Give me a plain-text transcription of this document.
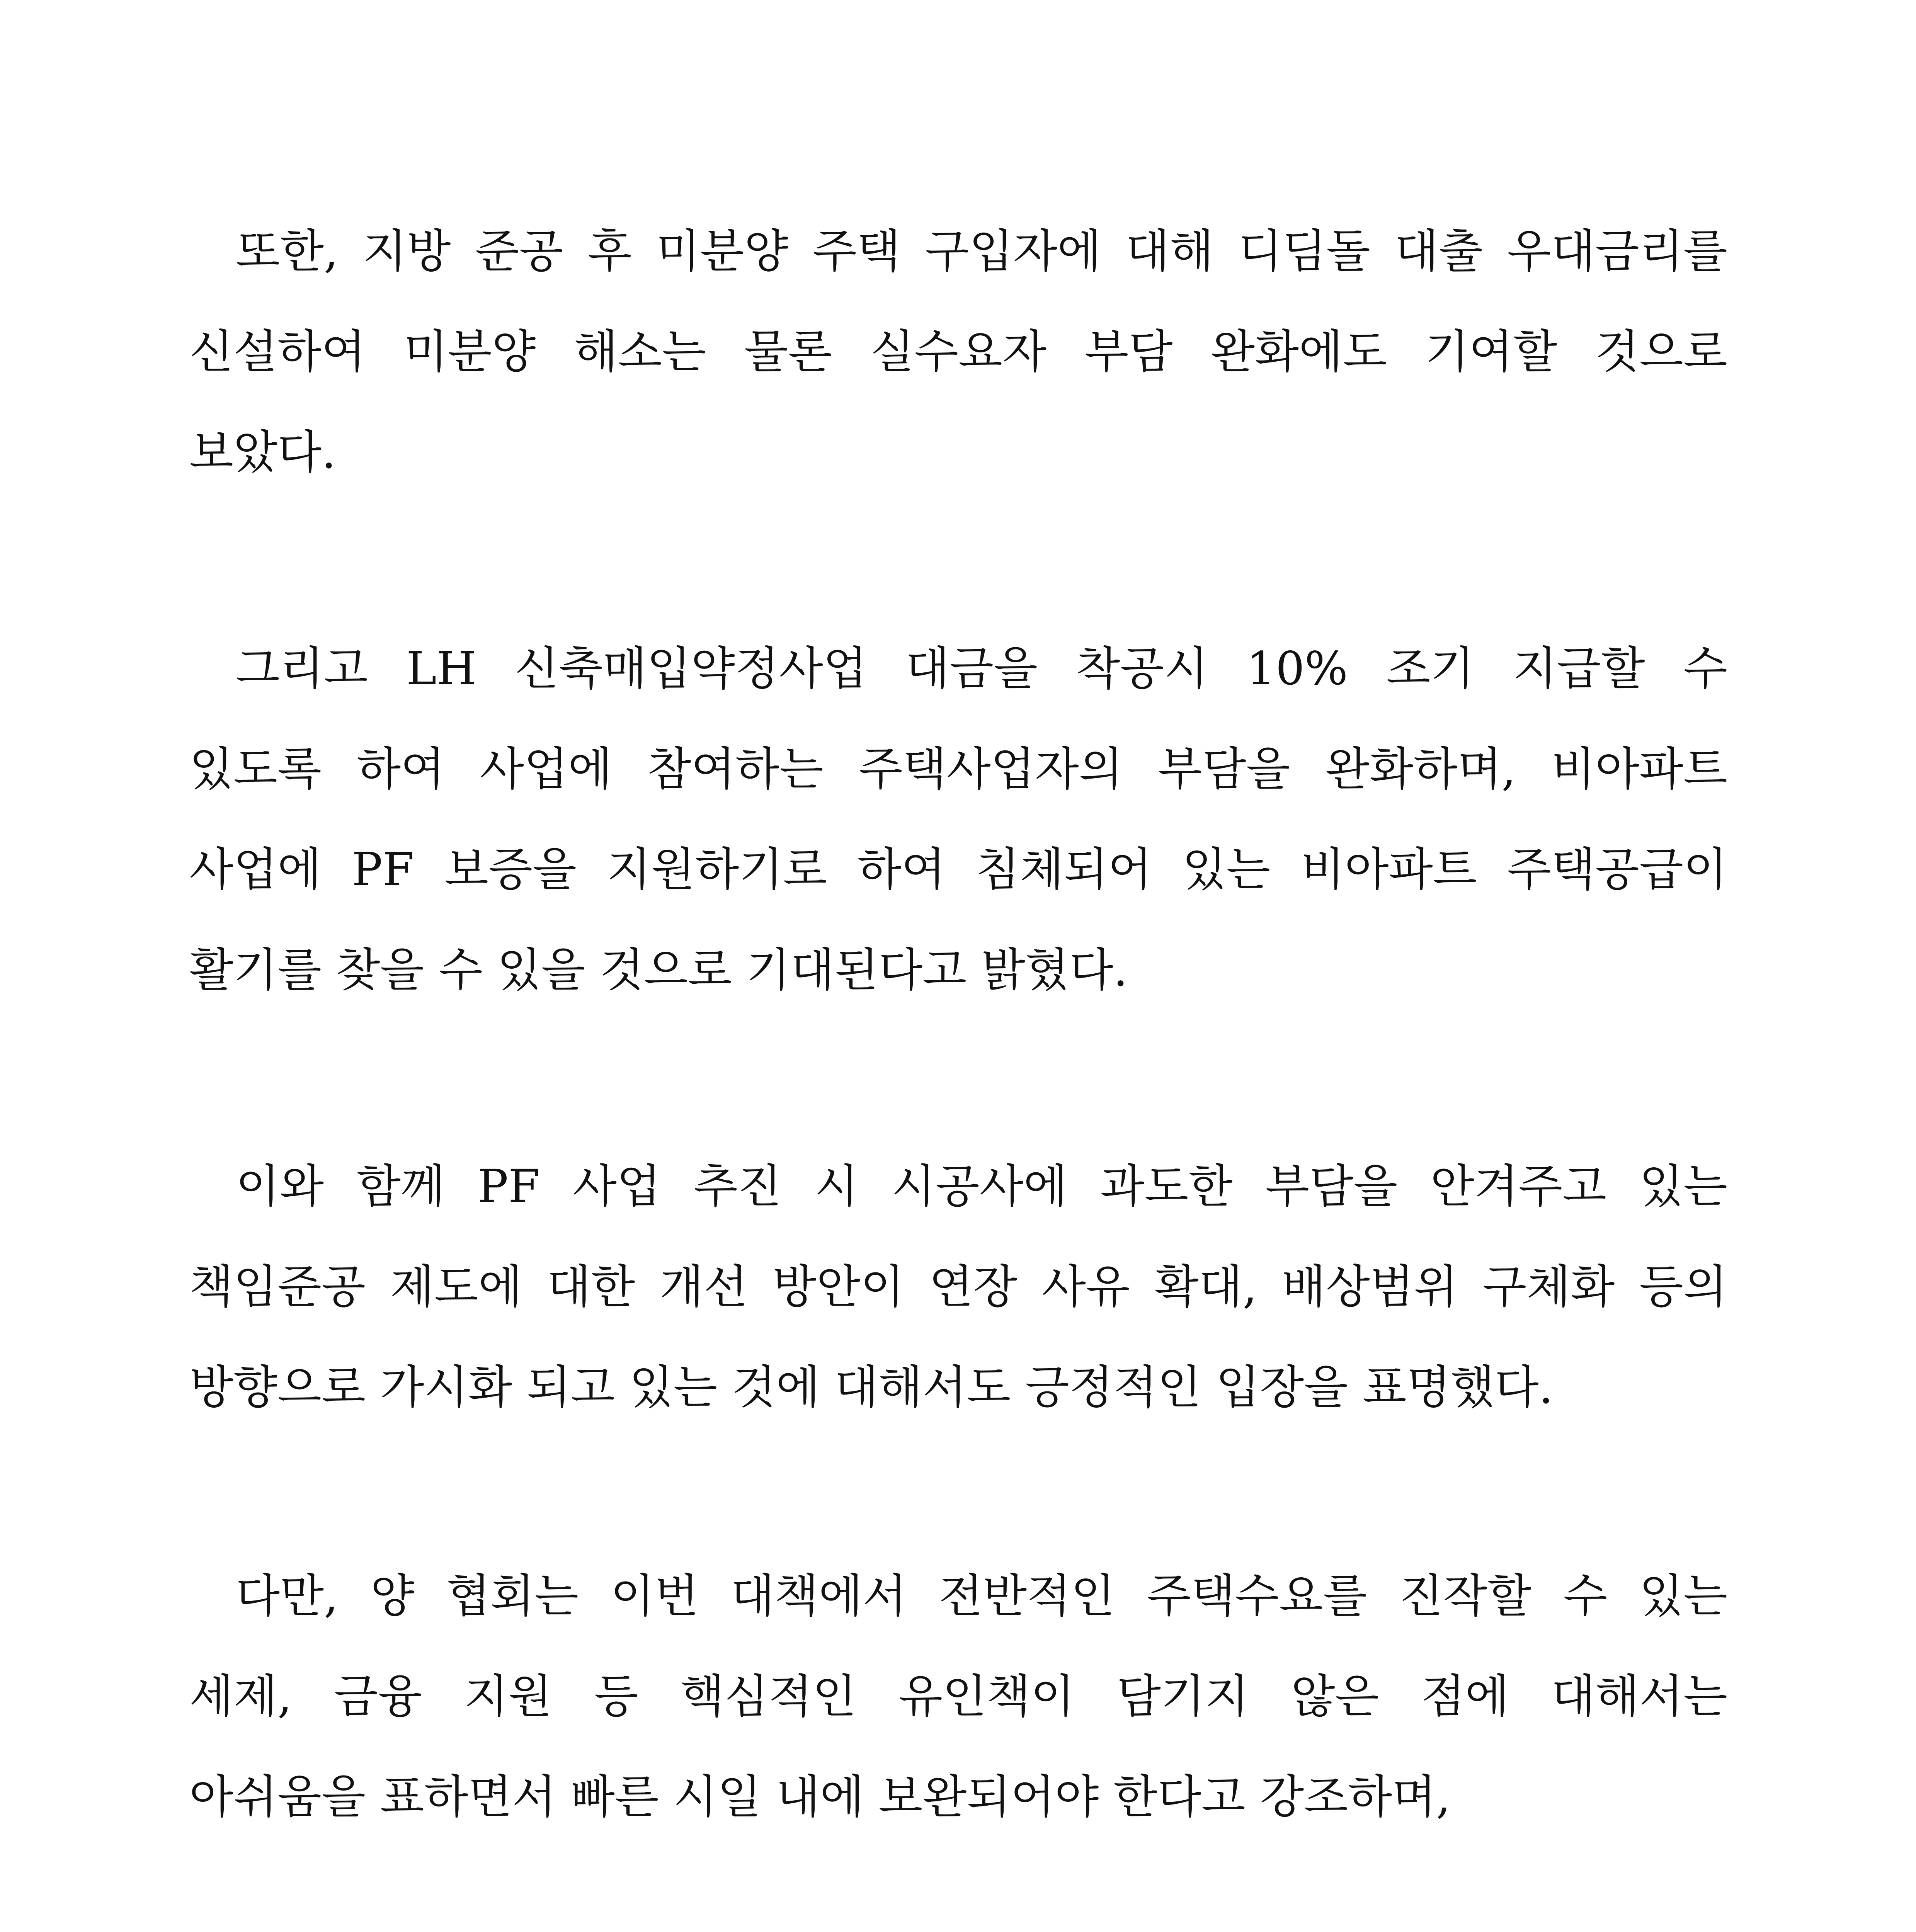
또한, 지방 준공 후 미분양 주택 구입자에 대해 디딤돌 대출 우대금리를
신설하여 미분양 해소는 물론 실수요자 부담 완화에도 기여할 것으로
보았다.
그리고 LH 신축매입약정사업 대금을 착공시 10% 조기 지급할 수
있도록 하여 사업에 참여하는 주택사업자의 부담을 완화하며, 비아파트
사업에 PF 보증을 지원하기로 하여 침체되어 있는 비아파트 주택공급이
활기를 찾을 수 있을 것으로 기대된다고 밝혔다.
이와 함께 PF 사업 추진 시 시공사에 과도한 부담을 안겨주고 있는
책임준공 제도에 대한 개선 방안이 연장 사유 확대, 배상범위 구체화 등의
방향으로 가시화 되고 있는 것에 대해서도 긍정적인 입장을 표명했다.
다만, 양 협회는 이번 대책에서 전반적인 주택수요를 진작할 수 있는
세제, 금융 지원 등 핵심적인 유인책이 담기지 않은 점에 대해서는
아쉬움을 표하면서 빠른 시일 내에 보완되어야 한다고 강조하며,
